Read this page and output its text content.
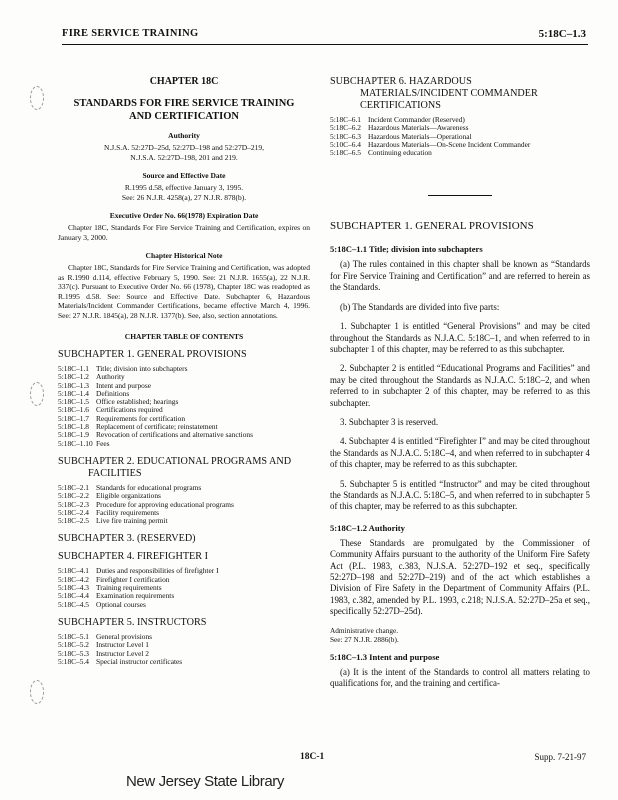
FIRE SERVICE TRAINING	5:18C–1.3
CHAPTER 18C
STANDARDS FOR FIRE SERVICE TRAINING
AND CERTIFICATION
Authority
N.J.S.A. 52:27D–25d, 52:27D–198 and 52:27D–219,
N.J.S.A. 52:27D–198, 201 and 219.
Source and Effective Date
R.1995 d.58, effective January 3, 1995.
See: 26 N.J.R. 4258(a), 27 N.J.R. 878(b).
Executive Order No. 66(1978) Expiration Date

Chapter 18C, Standards For Fire Service Training and Certification, expires on January 3, 2000.

Chapter Historical Note

Chapter 18C, Standards for Fire Service Training and Certification, was adopted as R.1990 d.114, effective February 5, 1990. See: 21 N.J.R. 1655(a), 22 N.J.R. 337(c). Pursuant to Executive Order No. 66 (1978), Chapter 18C was readopted as R.1995 d.58. See: Source and Effective Date. Subchapter 6, Hazardous Materials/Incident Commander Certifications, became effective March 4, 1996. See: 27 N.J.R. 1845(a), 28 N.J.R. 1377(b). See, also, section annotations.

CHAPTER TABLE OF CONTENTS
SUBCHAPTER 1. GENERAL PROVISIONS
5:18C–1.1	Title; division into subchapters
5:18C–1.2	Authority
5:18C–1.3	Intent and purpose
5:18C–1.4	Definitions
5:18C–1.5	Office established; hearings
5:18C–1.6	Certifications required
5:18C–1.7	Requirements for certification
5:18C–1.8	Replacement of certificate; reinstatement
5:18C–1.9	Revocation of certifications and alternative sanctions
5:18C–1.10	Fees
SUBCHAPTER 2. EDUCATIONAL PROGRAMS AND
FACILITIES
5:18C–2.1	Standards for educational programs
5:18C–2.2	Eligible organizations
5:18C–2.3	Procedure for approving educational programs
5:18C–2.4	Facility requirements
5:18C–2.5	Live fire training permit
SUBCHAPTER 3. (RESERVED)
SUBCHAPTER 4. FIREFIGHTER I
5:18C–4.1	Duties and responsibilities of firefighter I
5:18C–4.2	Firefighter I certification
5:18C–4.3	Training requirements
5:18C–4.4	Examination requirements
5:18C–4.5	Optional courses
SUBCHAPTER 5. INSTRUCTORS
5:18C–5.1	General provisions
5:18C–5.2	Instructor Level 1
5:18C–5.3	Instructor Level 2
5:18C–5.4	Special instructor certificates
SUBCHAPTER 6. HAZARDOUS
MATERIALS/INCIDENT COMMANDER
CERTIFICATIONS
5:18C–6.1	Incident Commander (Reserved)
5:18C–6.2	Hazardous Materials—Awareness
5:18C–6.3	Hazardous Materials—Operational
5:10C–6.4	Hazardous Materials—On-Scene Incident Commander
5:18C–6.5	Continuing education
SUBCHAPTER 1. GENERAL PROVISIONS
5:18C–1.1 Title; division into subchapters

(a) The rules contained in this chapter shall be known as “Standards for Fire Service Training and Certification” and are referred to herein as the Standards.

(b) The Standards are divided into five parts:

1. Subchapter 1 is entitled “General Provisions” and may be cited throughout the Standards as N.J.A.C. 5:18C–1, and when referred to in subchapter 1 of this chapter, may be referred to as this subchapter.

2. Subchapter 2 is entitled “Educational Programs and Facilities” and may be cited throughout the Standards as N.J.A.C. 5:18C–2, and when referred to in subchapter 2 of this chapter, may be referred to as this subchapter.

3. Subchapter 3 is reserved.

4. Subchapter 4 is entitled “Firefighter I” and may be cited throughout the Standards as N.J.A.C. 5:18C–4, and when referred to in subchapter 4 of this chapter, may be referred to as this subchapter.

5. Subchapter 5 is entitled “Instructor” and may be cited throughout the Standards as N.J.A.C. 5:18C–5, and when referred to in subchapter 5 of this chapter, may be referred to as this subchapter.

5:18C–1.2 Authority

These Standards are promulgated by the Commissioner of Community Affairs pursuant to the authority of the Uniform Fire Safety Act (P.L. 1983, c.383, N.J.S.A. 52:27D–192 et seq., specifically 52:27D–198 and 52:27D–219) and of the act which establishes a Division of Fire Safety in the Department of Community Affairs (P.L. 1983, c.382, amended by P.L. 1993, c.218; N.J.S.A. 52:27D–25a et seq., specifically 52:27D–25d).

Administrative change.
See: 27 N.J.R. 2886(b).
5:18C–1.3 Intent and purpose

(a) It is the intent of the Standards to control all matters relating to qualifications for, and the training and certifica-

18C-1	Supp. 7-21-97
New Jersey State Library
